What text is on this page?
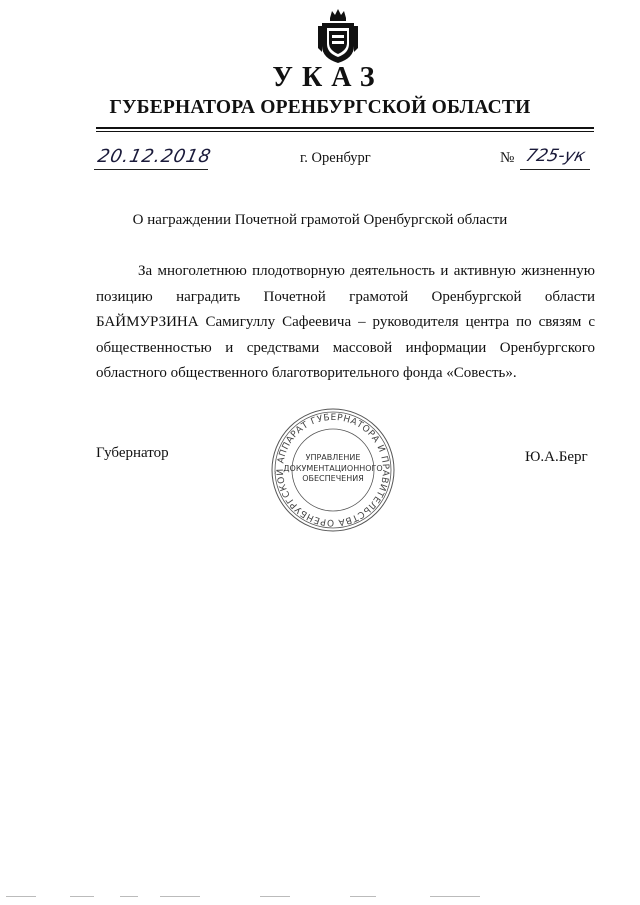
УКАЗ
ГУБЕРНАТОРА ОРЕНБУРГСКОЙ ОБЛАСТИ
20.12.2018	г. Оренбург	№ 725-ук
О награждении Почетной грамотой Оренбургской области

За многолетнюю плодотворную деятельность и активную жизненную позицию наградить Почетной грамотой Оренбургской области БАЙМУРЗИНА Самигуллу Сафеевича – руководителя центра по связям с общественностью и средствами массовой информации Оренбургского областного общественного благотворительного фонда «Совесть».

Губернатор	АППАРАТ ГУБЕРНАТОРА И ПРАВИТЕЛЬСТВА ОРЕНБУРГСКОЙ
УПРАВЛЕНИЕ
ДОКУМЕНТАЦИОННОГО
ОБЕСПЕЧЕНИЯ
Ю.А.Берг
